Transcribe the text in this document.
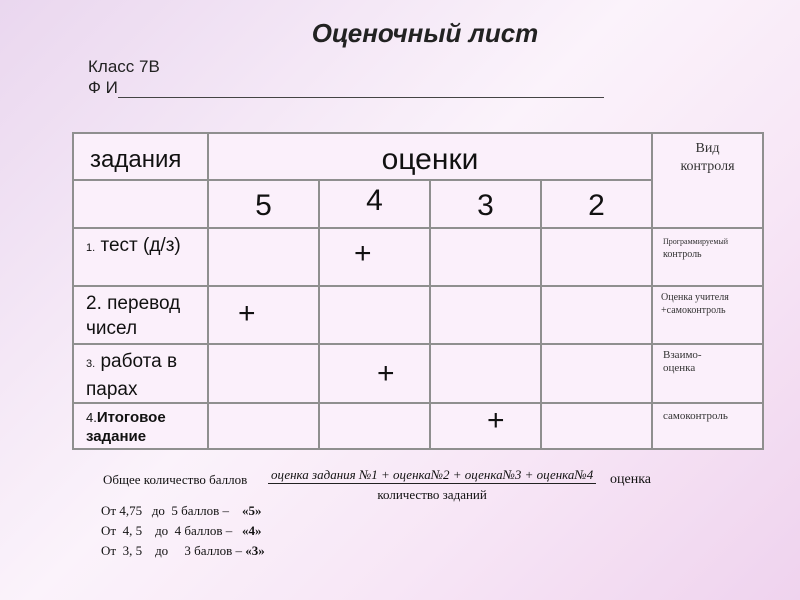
Оценочный лист
Класс 7В
Ф И
задания	оценки				Вид
контроля

	5	4	3	2	

1. тест (д/з)		+			Программируемый
контроль

2. перевод чисел	+				Оценка учителя
+самоконтроль

3. работа в парах		+			Взаимо-
оценка

4.Итоговое задание			+		самоконтроль
Общее количество баллов оценка задания №1 + оценка№2 + оценка№3 + оценка№4
количество заданий
оценка
От 4,75   до  5 баллов –    «5»
От  4, 5    до  4 баллов –   «4»
От  3, 5    до     3 баллов – «3»
